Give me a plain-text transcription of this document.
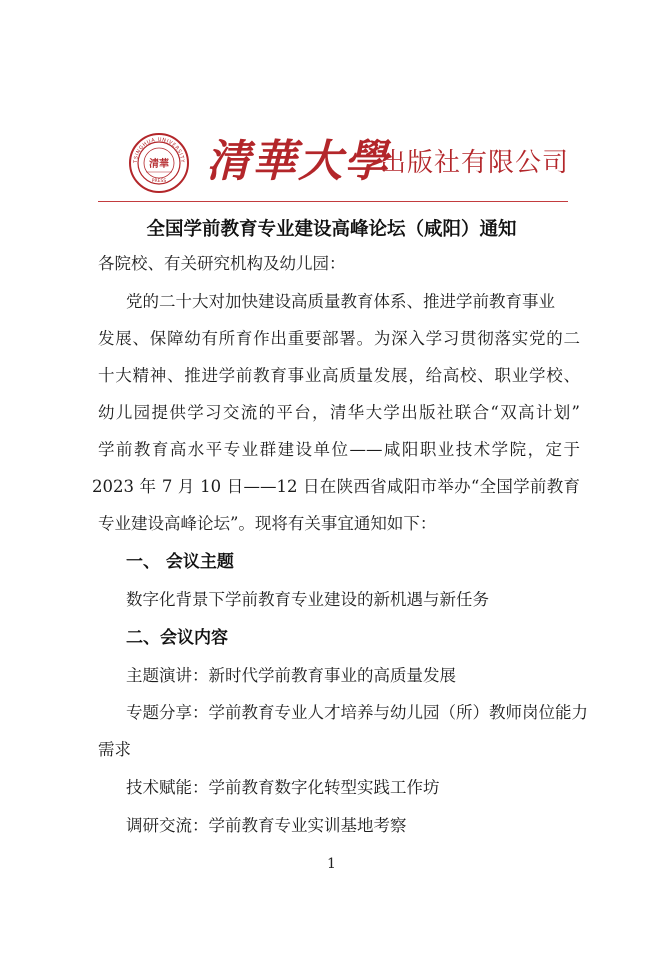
TSINGHUA UNIVERSITY
清華
PRESS 清華大學
出版社有限公司
全国学前教育专业建设高峰论坛（咸阳）通知
各院校、有关研究机构及幼儿园：
党的二十大对加快建设高质量教育体系、推进学前教育事业
发展、保障幼有所育作出重要部署。为深入学习贯彻落实党的二
十大精神、推进学前教育事业高质量发展，给高校、职业学校、
幼儿园提供学习交流的平台，清华大学出版社联合“双高计划”
学前教育高水平专业群建设单位——咸阳职业技术学院，定于
2023 年 7 月 10 日——12 日在陕西省咸阳市举办“全国学前教育
专业建设高峰论坛”。现将有关事宜通知如下：
一、 会议主题
数字化背景下学前教育专业建设的新机遇与新任务
二、会议内容
主题演讲：新时代学前教育事业的高质量发展
专题分享：学前教育专业人才培养与幼儿园（所）教师岗位能力
需求
技术赋能：学前教育数字化转型实践工作坊
调研交流：学前教育专业实训基地考察
1
